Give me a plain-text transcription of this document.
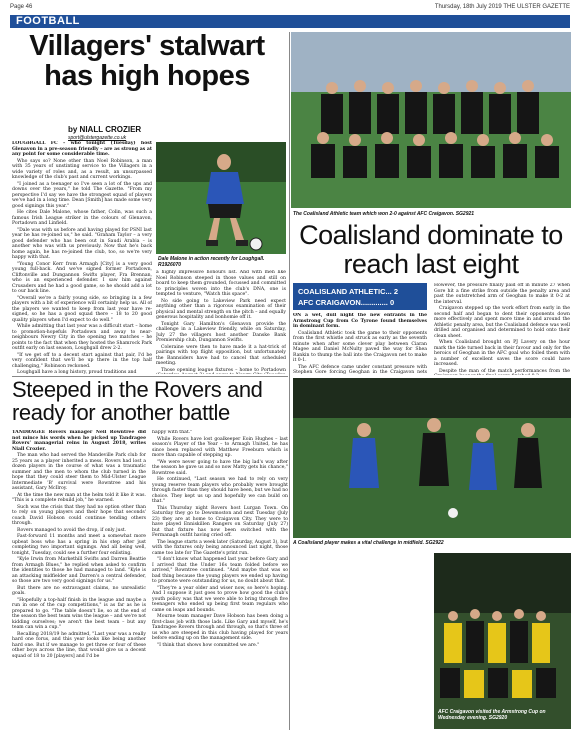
Page 46	Thursday, 18th July 2019 THE ULSTER GAZETTE
FOOTBALL
Villagers' stalwart has high hopes
by NIALL CROZIER
sport@ulstergazette.co.uk

LOUGHGALL FC – who tonight (Tuesday) host Glenavon in a pre-season friendly – are as strong as at any point for some considerable time.

Who says so? None other than Noel Robinson, a man with 35 years of unstinting service to the Villagers in a wide variety of roles and, as a result, an unsurpassed knowledge of the club's past and current workings.

"I joined as a teenager so I've seen a lot of the ups and downs over the years," he told The Gazette. "From my perspective I'd say we have the strongest squad of players we've had in a long time. Dean [Smith] has made some very good signings this year."

He cites Dale Malone, whose father, Colin, was such a famous Irish League striker in the colours of Glenavon, Portadown and Linfield.

"Dale was with us before and having played for PSNI last year he has re-joined us," he said. "Graham Taylor – a very good defender who has been out in Saudi Arabia – is another who was with us previously. Now that he's back home again, he has re-joined the club, too, so we're very happy with that.

"Young Conor Kerr from Armagh [City] is a very good young full-back. And we've signed former Portadown, Cliftonville and Dungannon Swifts player, Fra Brennan, who is an experienced defender. I saw him against Crusaders and he had a good game, so he should add a lot to our back line.

"Overall we're a fairly young side, so bringing in a few players with a bit of experience will certainly help us. All of the players we wanted to keep from last year have re-signed, so he has a good squad there – 18 to 20 good quality players when I'd expect to do well."

While admitting that last year was a difficult start – home to promotion-hopefuls Portadown and away to near-neighbours Newry City in the opening two matches – he points to the fact that when they hosted the Shamrock Park outfit early on last season, Loughgall drew 2-2.

"If we get off to a decent start against that pair, I'd be very confident that we'll be up there in the top half challenging," Robinson reckoned.

Loughgall have a long history, proud traditions and

Dale Malone in action recently for Loughgall. R1926070

a highly impressive honours list. And with men like Noel Robinson steeped in those values and still on board to keep them grounded, focussed and committed to principles woven into the club's DNA, one is tempted to venture, "Watch this space".

No side going to Lakeview Park need expect anything other than a rigorous examination of their physical and mental strength on the pitch – and equally generous hospitality and bonhomie off it.

Tonight Gary Hamilton's Glenavon provide the challenge in a Lakeview friendly, while on Saturday, July 27 the villagers host another Danske Bank Premiership club, Dungannon Swifts.

Coleraine were then to have made it a hat-trick of pairings with top flight opposition, but unfortunately the Bannsiders have had to cancel that scheduled meeting.

Those opening league fixtures – home to Portadown

The Coalisland Athletic team which won 2-0 against AFC Craigavon. SG2921
Coalisland dominate to reach last eight
COALISLAND ATHLETIC... 2
AFC CRAIGAVON............. 0

ON a wet, dull night the new entrants in the Armstrong Cup from Co Tyrone found themselves in dominant form.

Coalisland Athletic took the game to their opponents from the first whistle and struck as early as the seventh minute when after some clever play between Ciaran Magee and Daniel McNulty paved the way for Shea Rankin to thump the ball into the Craigavon net to make it 0-1.

The AFC defence came under constant pressure with Stephen Gore forcing Geoghan in the Craigavon nets

However, the pressure finally paid off in minute 27 when Gore hit a fine strike from outside the penalty area and past the outstretched arm of Geoghan to make it 0-2 at the interval.

Craigavon stepped up the work effort from early in the second half and began to dent their opponents down more effectively and spent more time in and around the Athletic penalty area, but the Coalisland defence was well drilled and organised and determined to hold onto their clean sheet.

When Coalisland brought on PJ Lavery on the hour mark the tide turned back in their favour and only for the heroics of Geoghan in the AFC goal who foiled them with a number of excellent saves the score could have increased.

Despite the man of the match performances from the

A Coalisland player makes a vital challenge in midfield. SG2922
AFC Craigavon visited the Armstrong Cup on Wednesday evening. SG2920
Steeped in the Rovers and ready for another battle

TANDRAGEE Rovers manager Neil Rowntree did not mince his words when he picked up Tandragee Rovers' managerial reins in August 2018, writes Niall Crozier.

The man who had served the Mandeville Park club for 25 years as a player inherited a mess. Rovers had lost a dozen players in the course of what was a traumatic summer and the men to whom the club turned in the hope that they could steer them to Mid-Ulster League Intermediate 'B' survival were Rowntree and his assistant, Gary McIlroy.

At the time the new man at the helm told it like it was. "This is a complete rebuild job," he warned.

Such was the crisis that they had no option other than to rely on young players and their hope that seconds' coach David Hobson could continue tending others through.

Rovers managed to avoid the drop, if only just.

Fast-forward 11 months and meet a somewhat more upbeat boss who has a spring in his step after just completing two important signings. And all being well, tonight, Tuesday, could see a further four enlisting.

"Kyle Irwin from Markethill Swifts and Darren Beattie from Armagh Blues," he replied when asked to confirm the identities to those he had managed to land. "Kyle is an attacking midfielder and Darren's a central defender, so those are two very good signings for us."

But there are no extravagant claims, no unrealistic goals.

"Hopefully a top-half finish in the league and maybe a run in one of the cup competitions," is as far as he is prepared to go. "The table doesn't lie, so at the end of the season the best team wins the league – and we're not kidding ourselves; we aren't the best team – but any team can win a cup."

Recalling 2018/19 he admitted, "Last year was a really hard one forus, and this year looks like being another hard one. But if we manage to get three or four of these other boys across the line, that would give us a decent squad of 18 to 20 [players] and I'd be

happy with that."

While Rovers have lost goalkeeper Eoin Hughes – last season's Player of the Year – to Armagh United, he has since been replaced with Matthew Freeburn which is more than capable of stepping up.

"We were never going to have the big lad's way after the season he gave us and so now Matty gets his chance," Rowntree said.

He continued, "Last season we had to rely on very young reserve team players who probably were brought through faster than they should have been, but we had no choice. They kept us up and hopefully we can build on that."

This Thursday night Rovers host Lurgan Town. On Saturday they go to Dewsmoston and next Tuesday (July 23) they are at home to Craigavon City. They were to have played Enniskillen Rangers on Saturday (July 27) but that fixture has now been switched with the Fermanagh outfit having cried off.

The league starts a week later (Saturday, August 3), but with the fixtures only being announced last night, those came too late for The Gazette's print run.

"I don't know what happened last year before Gary and I arrived that the Under 16s team folded before we arrived," Rowntree continued. "And maybe that was so bad thing because the young players we ended up having to promote were outstanding for us, no doubt about that.

"They're a year older and wiser now, so here's hoping. And I suppose it just goes to prove how good the club's youth policy was that we were able to bring through five teenagers who ended up being first team regulars who came on leaps and bounds.

Mourne team manager Dave Hobson has been doing a first-class job with those lads. Like Gary and myself, he's Tandragee Rovers through and through, so that's three of us who are steeped in this club having played for years before ending up on the management side.

"I think that shows how committed we are."
